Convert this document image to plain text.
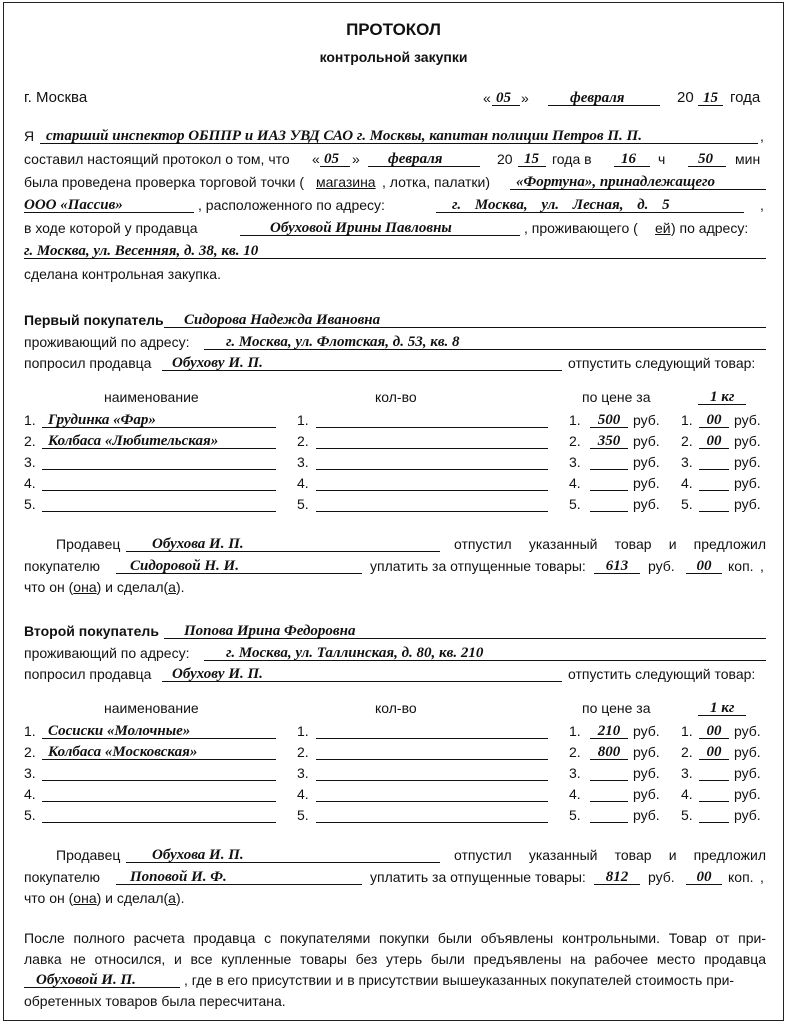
ПРОТОКОЛ
контрольной закупки
г. Москва	« 05 »	февраля	20 15 года
Я старший инспектор ОБППР и ИАЗ УВД САО г. Москвы, капитан полиции Петров П. П.	,
составил настоящий протокол о том, что « 05 » февраля	20 15 года в 16 ч 50 мин
была проведена проверка торговой точки ( магазина , лотка, палатки) «Фортуна», принадлежащего
ООО «Пассив»	, расположенного по адресу:	г. Москва, ул. Лесная, д. 5	,
в ходе которой у продавца	Обуховой Ирины Павловны	, проживающего ( ей ) по адресу:
г. Москва, ул. Весенняя, д. 38, кв. 10
сделана контрольная закупка.
Первый покупатель Сидорова Надежда Ивановна
проживающий по адресу: г. Москва, ул. Флотская, д. 53, кв. 8
попросил продавца Обухову И. П.	отпустить следующий товар:
наименование	кол-во	по цене за	1 кг
1. Грудинка «Фар»	1.	1.	500 руб. 1. 00 руб.
2. Колбаса «Любительская»	2.	2.	350 руб. 2. 00 руб.
3.	3.	3.	руб. 3.	руб.
4.	4.	4.	руб. 4.	руб.
5.	5.	5.	руб. 5.	руб.
Продавец Обухова И. П.	отпустил указанный товар и предложил
покупателю Сидоровой Н. И.	уплатить за отпущенные товары:	613	руб.	00	коп. ,
что он (она) и сделал(а).
Второй покупатель Попова Ирина Федоровна
проживающий по адресу: г. Москва, ул. Таллинская, д. 80, кв. 210
попросил продавца Обухову И. П.	отпустить следующий товар:
наименование	кол-во	по цене за	1 кг
1. Сосиски «Молочные»	1.	1.	210 руб. 1. 00 руб.
2. Колбаса «Московская»	2.	2.	800 руб. 2. 00 руб.
3.	3.	3.	руб. 3.	руб.
4.	4.	4.	руб. 4.	руб.
5.	5.	5.	руб. 5.	руб.
Продавец Обухова И. П.	отпустил указанный товар и предложил
покупателю Поповой И. Ф.	уплатить за отпущенные товары:	812	руб.	00	коп. ,
что он (она) и сделал(а).
После полного расчета продавца с покупателями покупки были объявлены контрольными. Товар от при-
лавка не относился, и все купленные товары без утерь были предъявлены на рабочее место продавца
Обуховой И. П.	, где в его присутствии и в присутствии вышеуказанных покупателей стоимость при-
обретенных товаров была пересчитана.
